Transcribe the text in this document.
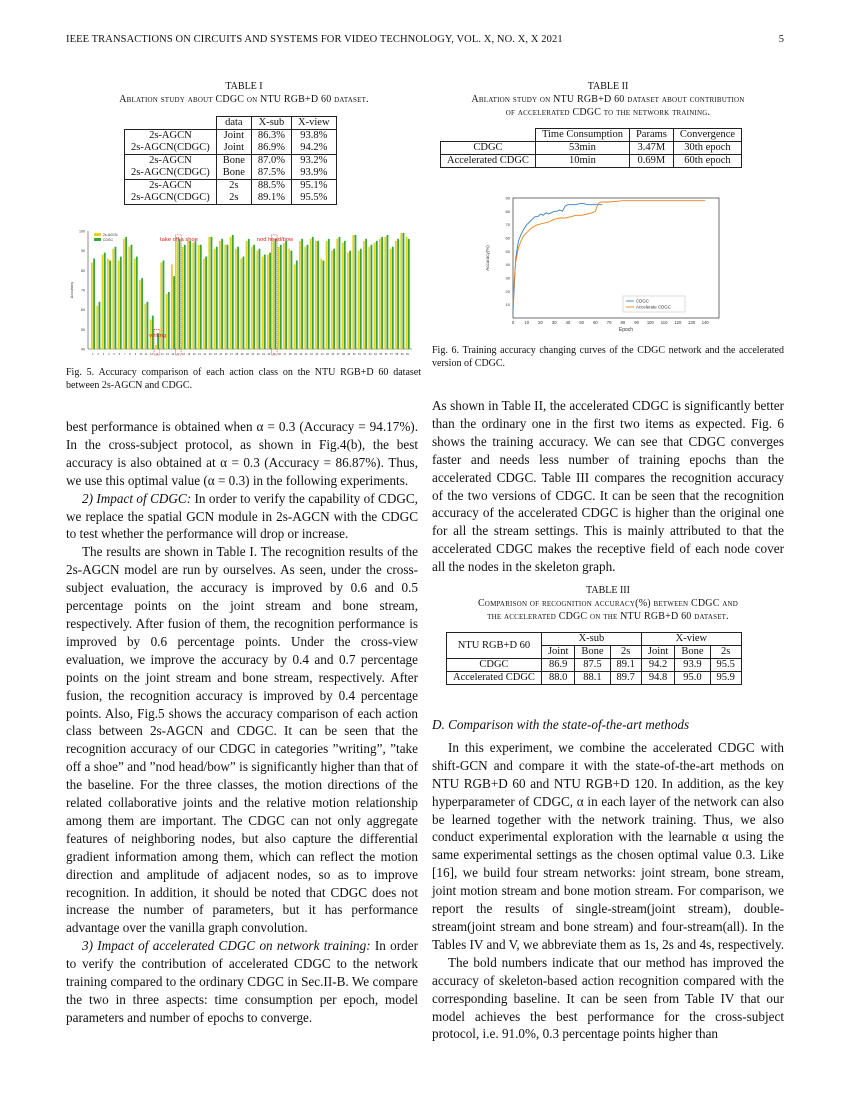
IEEE TRANSACTIONS ON CIRCUITS AND SYSTEMS FOR VIDEO TECHNOLOGY, VOL. X, NO. X, X 2021	5
TABLE I
Ablation study about CDGC on NTU RGB+D 60 dataset.
	data	X-sub	X-view
2s-AGCN	Joint	86.3%	93.8%
2s-AGCN(CDGC)	Joint	86.9%	94.2%
2s-AGCN	Bone	87.0%	93.2%
2s-AGCN(CDGC)	Bone	87.5%	93.9%
2s-AGCN	2s	88.5%	95.1%
2s-AGCN(CDGC)	2s	89.1%	95.5%
TABLE II
Ablation study on NTU RGB+D 60 dataset about contribution
of accelerated CDGC to the network training.
	Time Consumption	Params	Convergence
CDGC	53min	3.47M	30th epoch
Accelerated CDGC	10min	0.69M	60th epoch
40
50
60
70
80
90
100
Accuracy
1 2 3 4 5 6 7 8 9 10 11 12 13 14 15 16 17 18 19 20 21 22 23 24 25 26 27 28 29 30 31 32 33 34 35 36 37 38 39 40 41 42 43 44 45 46 47 48 49 50 51 52 53 54 55 56 57 58 59 60
2s-AGCN
CDGC
writing
take off a shoe	nod head/bow
Fig. 5. Accuracy comparison of each action class on the NTU RGB+D 60 dataset between 2s-AGCN and CDGC.
10
20
30
40
50
60
70
80
90
0 10 20 30 40 50 60 70 80 90 100 110 120 130 140
Epoch
Accuracy(%)
CDGC
Accelerate CDGC
Fig. 6. Training accuracy changing curves of the CDGC network and the accelerated version of CDGC.

best performance is obtained when α = 0.3 (Accuracy = 94.17%). In the cross-subject protocol, as shown in Fig.4(b), the best accuracy is also obtained at α = 0.3 (Accuracy = 86.87%). Thus, we use this optimal value (α = 0.3) in the following experiments.

2) Impact of CDGC: In order to verify the capability of CDGC, we replace the spatial GCN module in 2s-AGCN with the CDGC to test whether the performance will drop or increase.

The results are shown in Table I. The recognition results of the 2s-AGCN model are run by ourselves. As seen, under the cross-subject evaluation, the accuracy is improved by 0.6 and 0.5 percentage points on the joint stream and bone stream, respectively. After fusion of them, the recognition performance is improved by 0.6 percentage points. Under the cross-view evaluation, we improve the accuracy by 0.4 and 0.7 percentage points on the joint stream and bone stream, respectively. After fusion, the recognition accuracy is improved by 0.4 percentage points. Also, Fig.5 shows the accuracy comparison of each action class between 2s-AGCN and CDGC. It can be seen that the recognition accuracy of our CDGC in categories ”writing”, ”take off a shoe” and ”nod head/bow” is significantly higher than that of the baseline. For the three classes, the motion directions of the related collaborative joints and the relative motion relationship among them are important. The CDGC can not only aggregate features of neighboring nodes, but also capture the differential gradient information among them, which can reflect the motion direction and amplitude of adjacent nodes, so as to improve recognition. In addition, it should be noted that CDGC does not increase the number of parameters, but it has performance advantage over the vanilla graph convolution.

3) Impact of accelerated CDGC on network training: In order to verify the contribution of accelerated CDGC to the network training compared to the ordinary CDGC in Sec.II-B. We compare the two in three aspects: time consumption per epoch, model parameters and number of epochs to converge.

As shown in Table II, the accelerated CDGC is significantly better than the ordinary one in the first two items as expected. Fig. 6 shows the training accuracy. We can see that CDGC converges faster and needs less number of training epochs than the accelerated CDGC. Table III compares the recognition accuracy of the two versions of CDGC. It can be seen that the recognition accuracy of the accelerated CDGC is higher than the original one for all the stream settings. This is mainly attributed to that the accelerated CDGC makes the receptive field of each node cover all the nodes in the skeleton graph.

TABLE III
Comparison of recognition accuracy(%) between CDGC and
the accelerated CDGC on the NTU RGB+D 60 dataset.
NTU RGB+D 60	X-sub			X-view		
	Joint	Bone	2s	Joint	Bone	2s
CDGC	86.9	87.5	89.1	94.2	93.9	95.5
Accelerated CDGC	88.0	88.1	89.7	94.8	95.0	95.9

D. Comparison with the state-of-the-art methods

In this experiment, we combine the accelerated CDGC with shift-GCN and compare it with the state-of-the-art methods on NTU RGB+D 60 and NTU RGB+D 120. In addition, as the key hyperparameter of CDGC, α in each layer of the network can also be learned together with the network training. Thus, we also conduct experimental exploration with the learnable α using the same experimental settings as the chosen optimal value 0.3. Like [16], we build four stream networks: joint stream, bone stream, joint motion stream and bone motion stream. For comparison, we report the results of single-stream(joint stream), double-stream(joint stream and bone stream) and four-stream(all). In the Tables IV and V, we abbreviate them as 1s, 2s and 4s, respectively.

The bold numbers indicate that our method has improved the accuracy of skeleton-based action recognition compared with the corresponding baseline. It can be seen from Table IV that our model achieves the best performance for the cross-subject protocol, i.e. 91.0%, 0.3 percentage points higher than
